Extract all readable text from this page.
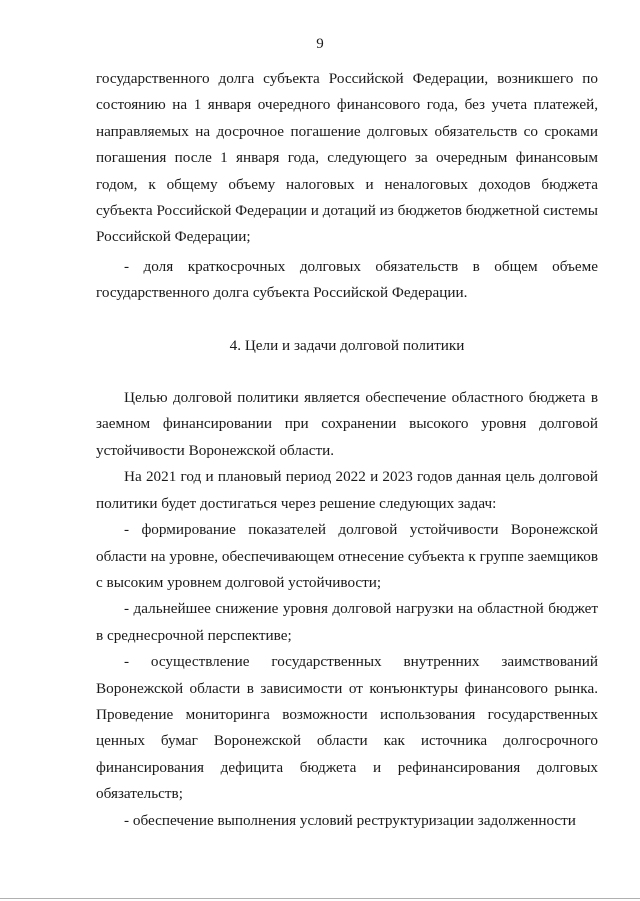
9

государственного долга субъекта Российской Федерации, возникшего по состоянию на 1 января очередного финансового года, без учета платежей, направляемых на досрочное погашение долговых обязательств со сроками погашения после 1 января года, следующего за очередным финансовым годом, к общему объему налоговых и неналоговых доходов бюджета субъекта Российской Федерации и дотаций из бюджетов бюджетной системы Российской Федерации;

- доля краткосрочных долговых обязательств в общем объеме государственного долга субъекта Российской Федерации.

4. Цели и задачи долговой политики

Целью долговой политики является обеспечение областного бюджета в заемном финансировании при сохранении высокого уровня долговой устойчивости Воронежской области.

На 2021 год и плановый период 2022 и 2023 годов данная цель долговой политики будет достигаться через решение следующих задач:

- формирование показателей долговой устойчивости Воронежской области на уровне, обеспечивающем отнесение субъекта к группе заемщиков с высоким уровнем долговой устойчивости;

- дальнейшее снижение уровня долговой нагрузки на областной бюджет в среднесрочной перспективе;

- осуществление государственных внутренних заимствований Воронежской области в зависимости от конъюнктуры финансового рынка. Проведение мониторинга возможности использования государственных ценных бумаг Воронежской области как источника долгосрочного финансирования дефицита бюджета и рефинансирования долговых обязательств;

- обеспечение выполнения условий реструктуризации задолженности
